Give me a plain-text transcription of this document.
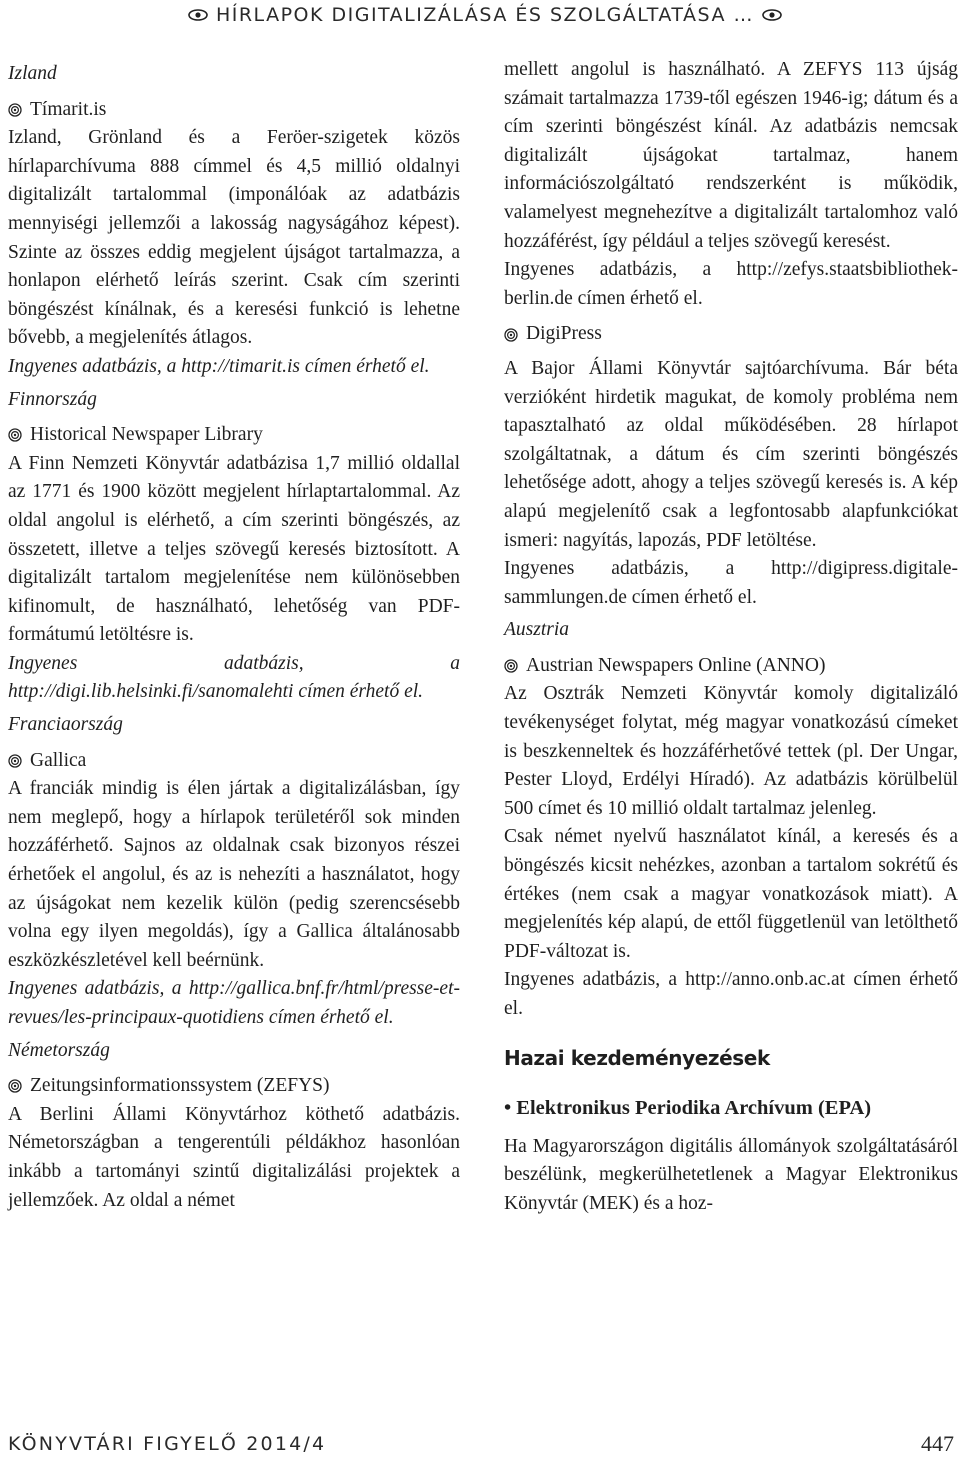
HÍRLAPOK DIGITALIZÁLÁSA ÉS SZOLGÁLTATÁSA …

Izland

Tímarit.is

Izland, Grönland és a Feröer-szigetek közös hírlaparchívuma 888 címmel és 4,5 millió oldalnyi digitalizált tartalommal (imponálóak az adatbázis mennyiségi jellemzői a lakosság nagyságához képest). Szinte az összes eddig megjelent újságot tartalmazza, a honlapon elérhető leírás szerint. Csak cím szerinti böngészést kínálnak, és a keresési funkció is lehetne bővebb, a megjelenítés átlagos.

Ingyenes adatbázis, a http://timarit.is címen érhető el.

Finnország

Historical Newspaper Library

A Finn Nemzeti Könyvtár adatbázisa 1,7 millió oldallal az 1771 és 1900 között megjelent hírlaptartalommal. Az oldal angolul is elérhető, a cím szerinti böngészés, az összetett, illetve a teljes szövegű keresés biztosított. A digitalizált tartalom megjelenítése nem különösebben kifinomult, de használható, lehetőség van PDF-formátumú letöltésre is.

Ingyenes adatbázis, a http://digi.lib.helsinki.fi/sanomalehti címen érhető el.

Franciaország

Gallica

A franciák mindig is élen jártak a digitalizálásban, így nem meglepő, hogy a hírlapok területéről sok minden hozzáférhető. Sajnos az oldalnak csak bizonyos részei érhetőek el angolul, és az is nehezíti a használatot, hogy az újságokat nem kezelik külön (pedig szerencsésebb volna egy ilyen megoldás), így a Gallica általánosabb eszközkészletével kell beérnünk.

Ingyenes adatbázis, a http://gallica.bnf.fr/html/presse-et-revues/les-principaux-quotidiens címen érhető el.

Németország

Zeitungsinformationssystem (ZEFYS)

A Berlini Állami Könyvtárhoz köthető adatbázis. Németországban a tengerentúli példákhoz hasonlóan inkább a tartományi szintű digitalizálási projektek a jellemzőek. Az oldal a német

mellett angolul is használható. A ZEFYS 113 újság számait tartalmazza 1739-től egészen 1946-ig; dátum és a cím szerinti böngészést kínál. Az adatbázis nemcsak digitalizált újságokat tartalmaz, hanem információszolgáltató rendszerként is működik, valamelyest megnehezítve a digitalizált tartalomhoz való hozzáférést, így például a teljes szövegű keresést.

Ingyenes adatbázis, a http://zefys.staatsbibliothek-berlin.de címen érhető el.

DigiPress

A Bajor Állami Könyvtár sajtóarchívuma. Bár béta verzióként hirdetik magukat, de komoly probléma nem tapasztalható az oldal működésében. 28 hírlapot szolgáltatnak, a dátum és cím szerinti böngészés lehetősége adott, ahogy a teljes szövegű keresés is. A kép alapú megjelenítő csak a legfontosabb alapfunkciókat ismeri: nagyítás, lapozás, PDF letöltése.

Ingyenes adatbázis, a http://digipress.digitale-sammlungen.de címen érhető el.

Ausztria

Austrian Newspapers Online (ANNO)

Az Osztrák Nemzeti Könyvtár komoly digitalizáló tevékenységet folytat, még magyar vonatkozású címeket is beszkenneltek és hozzáférhetővé tettek (pl. Der Ungar, Pester Lloyd, Erdélyi Híradó). Az adatbázis körülbelül 500 címet és 10 millió oldalt tartalmaz jelenleg.

Csak német nyelvű használatot kínál, a keresés és a böngészés kicsit nehézkes, azonban a tartalom sokrétű és értékes (nem csak a magyar vonatkozások miatt). A megjelenítés kép alapú, de ettől függetlenül van letölthető PDF-változat is.

Ingyenes adatbázis, a http://anno.onb.ac.at címen érhető el.

Hazai kezdeményezések

• Elektronikus Periodika Archívum (EPA)

Ha Magyarországon digitális állományok szolgáltatásáról beszélünk, megkerülhetetlenek a Magyar Elektronikus Könyvtár (MEK) és a hoz-

KÖNYVTÁRI FIGYELŐ 2014/4	447
